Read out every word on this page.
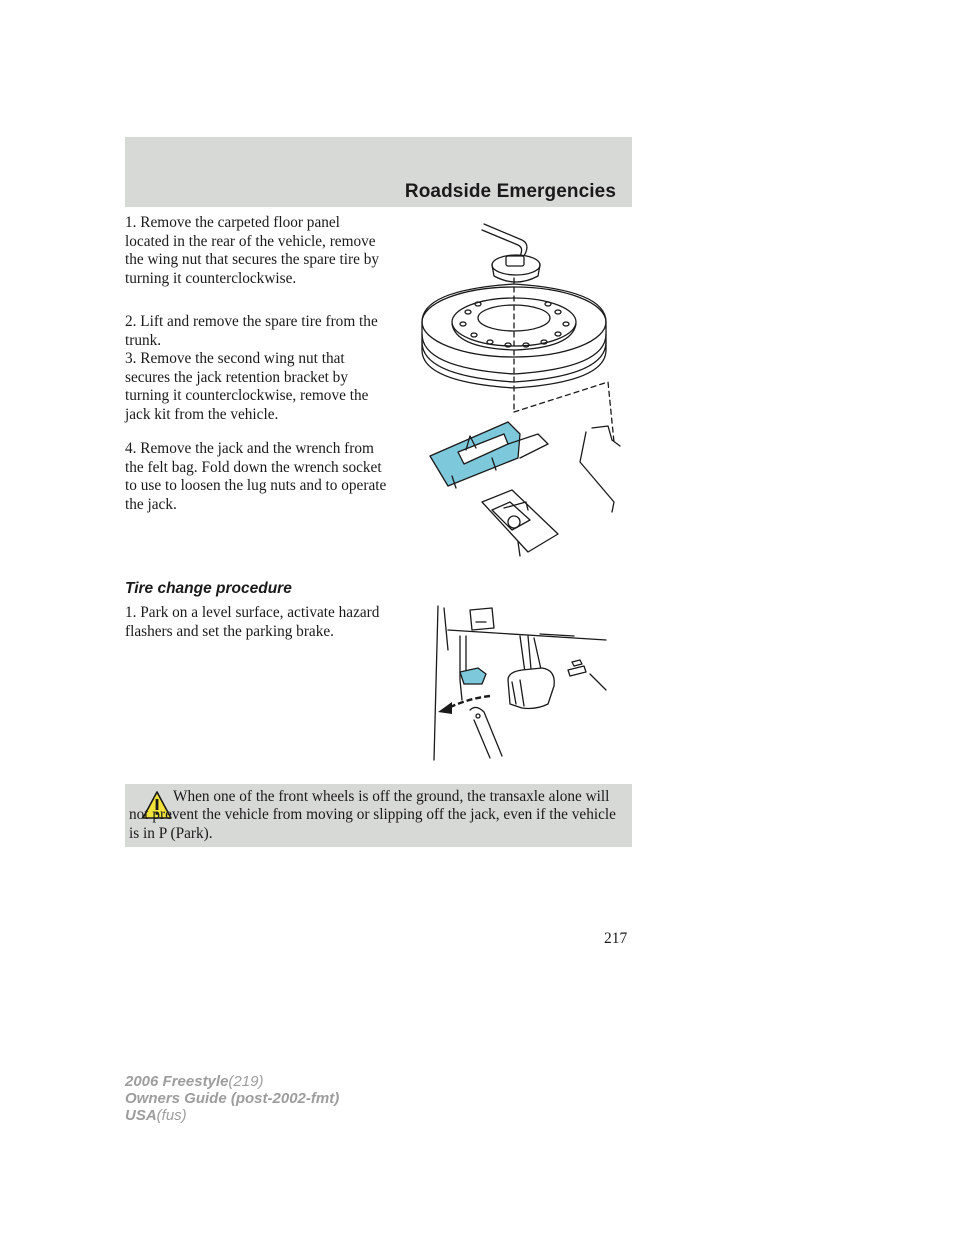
Roadside Emergencies

1. Remove the carpeted floor panel located in the rear of the vehicle, remove the wing nut that secures the spare tire by turning it counterclockwise.

2. Lift and remove the spare tire from the trunk.

3. Remove the second wing nut that secures the jack retention bracket by turning it counterclockwise, remove the jack kit from the vehicle.

4. Remove the jack and the wrench from the felt bag. Fold down the wrench socket to use to loosen the lug nuts and to operate the jack.

Tire change procedure

1. Park on a level surface, activate hazard flashers and set the parking brake.

When one of the front wheels is off the ground, the transaxle alone will not prevent the vehicle from moving or slipping off the jack, even if the vehicle is in P (Park).

217
2006 Freestyle(219)
Owners Guide (post-2002-fmt)
USA(fus)
